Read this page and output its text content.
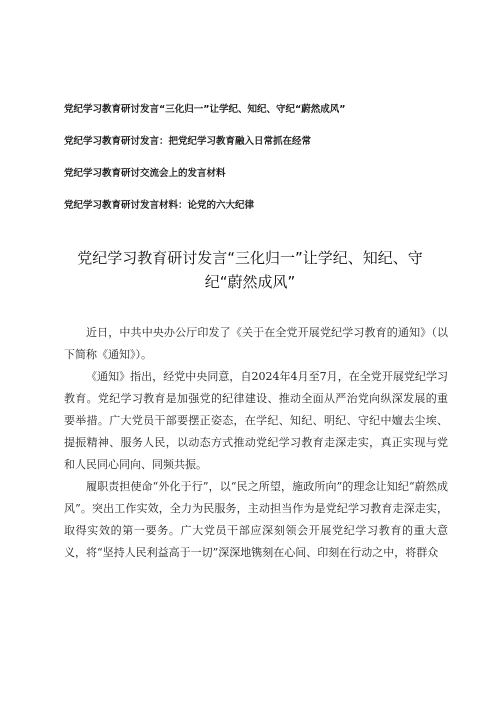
党纪学习教育研讨发言“三化归一”让学纪、知纪、守纪“蔚然成风”
党纪学习教育研讨发言：把党纪学习教育融入日常抓在经常
党纪学习教育研讨交流会上的发言材料
党纪学习教育研讨发言材料：论党的六大纪律
党纪学习教育研讨发言“三化归一”让学纪、知纪、守
纪“蔚然成风”

近日，中共中央办公厅印发了《关于在全党开展党纪学习教育的通知》（以下简称《通知》）。

《通知》指出，经党中央同意，自2024年4月至7月，在全党开展党纪学习教育。党纪学习教育是加强党的纪律建设、推动全面从严治党向纵深发展的重要举措。广大党员干部要摆正姿态，在学纪、知纪、明纪、守纪中嬗去尘埃、提振精神、服务人民，以动态方式推动党纪学习教育走深走实，真正实现与党和人民同心同向、同频共振。

履职责担使命“外化于行”，以“民之所望，施政所向”的理念让知纪“蔚然成风”。突出工作实效，全力为民服务，主动担当作为是党纪学习教育走深走实，取得实效的第一要务。广大党员干部应深刻领会开展党纪学习教育的重大意义，将“坚持人民利益高于一切”深深地镌刻在心间、印刻在行动之中，将群众
